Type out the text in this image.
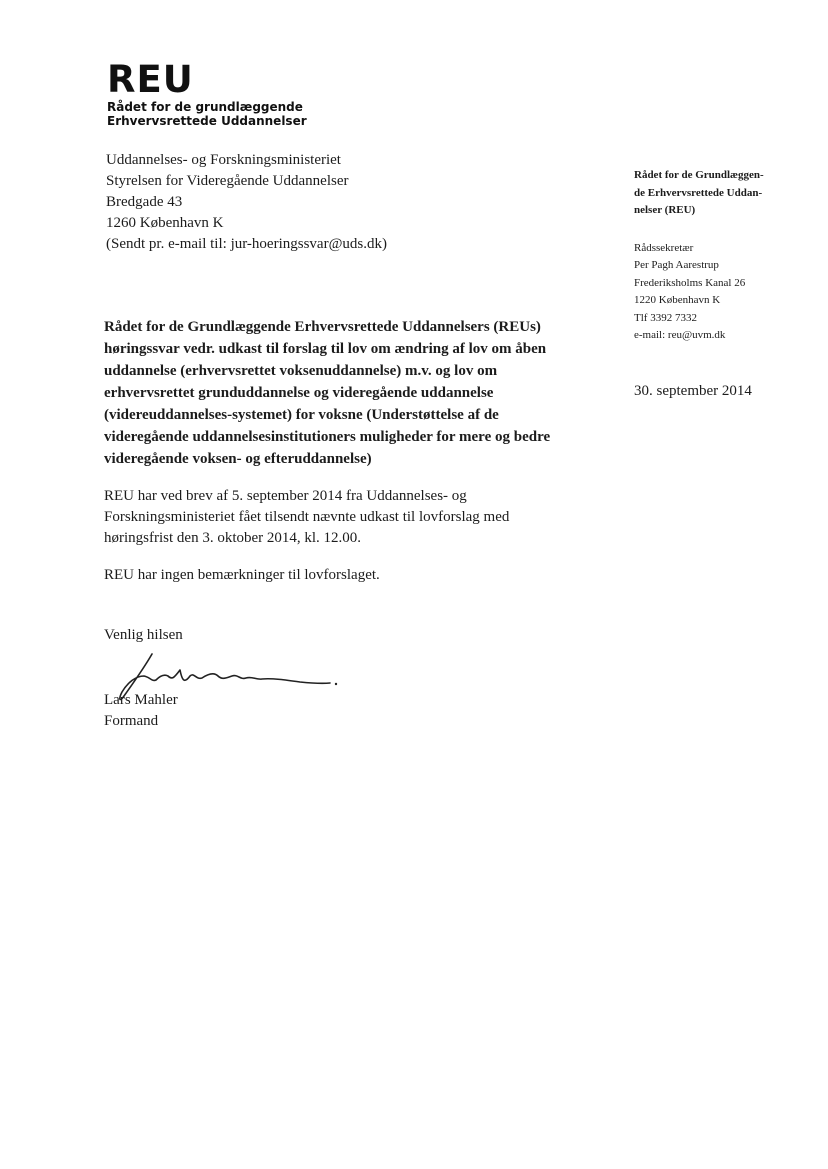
REU
Rådet for de grundlæggende
Erhvervsrettede Uddannelser
Uddannelses- og Forskningsministeriet
Styrelsen for Videregående Uddannelser
Bredgade 43
1260 København K
(Sendt pr. e-mail til: jur-hoeringssvar@uds.dk)
Rådet for de Grundlæggen-
de Erhvervsrettede Uddan-
nelser (REU)
Rådssekretær
Per Pagh Aarestrup
Frederiksholms Kanal 26
1220 København K
Tlf 3392 7332
e-mail: reu@uvm.dk
30. september 2014
Rådet for de Grundlæggende Erhvervsrettede Uddannelsers (REUs) høringssvar vedr. udkast til forslag til lov om ændring af lov om åben uddannelse (erhvervsrettet voksenuddannelse) m.v. og lov om erhvervsrettet grunduddannelse og videregående uddannelse (videreuddannelses-systemet) for voksne (Understøttelse af de videregående uddannelsesinstitutioners muligheder for mere og bedre videregående voksen- og efteruddannelse)
REU har ved brev af 5. september 2014 fra Uddannelses- og Forskningsministeriet fået tilsendt nævnte udkast til lovforslag med høringsfrist den 3. oktober 2014, kl. 12.00.
REU har ingen bemærkninger til lovforslaget.
Venlig hilsen
Lars Mahler
Formand
